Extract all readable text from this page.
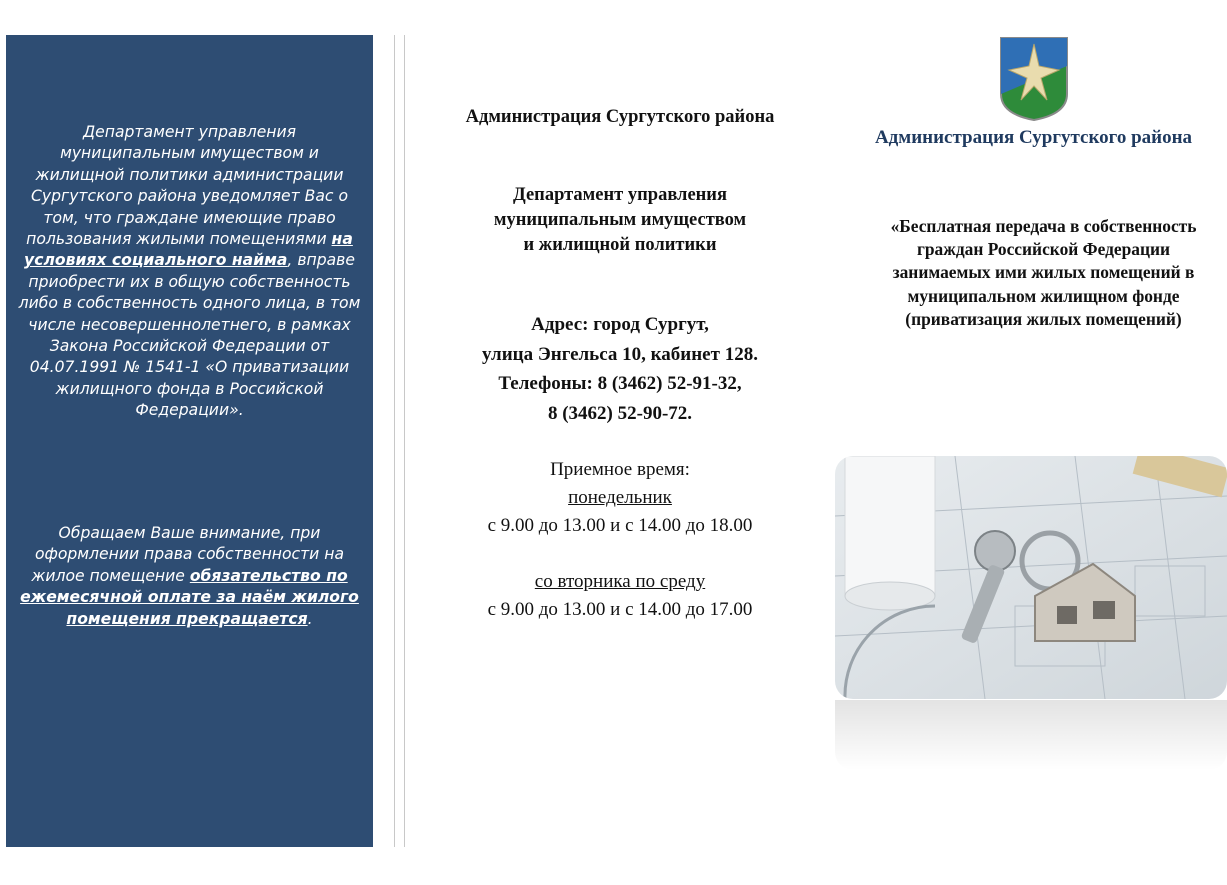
Департамент управления муниципальным имуществом и жилищной политики администрации Сургутского района уведомляет Вас о том, что граждане имеющие право пользования жилыми помещениями на условиях социального найма, вправе приобрести их в общую собственность либо в собственность одного лица, в том числе несовершеннолетнего, в рамках Закона Российской Федерации от 04.07.1991 № 1541-1 «О приватизации жилищного фонда в Российской Федерации».

Обращаем Ваше внимание, при оформлении права собственности на жилое помещение обязательство по ежемесячной оплате за наём жилого помещения прекращается.

Администрация Сургутского района
Департамент управления
муниципальным имуществом
и жилищной политики
Адрес: город Сургут,
улица Энгельса 10, кабинет 128.
Телефоны: 8 (3462) 52-91-32,
8 (3462) 52-90-72.
Приемное время:
понедельник
с 9.00 до 13.00 и с 14.00 до 18.00
со вторника по среду
с 9.00 до 13.00 и с 14.00 до 17.00
Администрация Сургутского района
«Бесплатная передача в собственность
граждан Российской Федерации
занимаемых ими жилых помещений в
муниципальном жилищном фонде
(приватизация жилых помещений)
